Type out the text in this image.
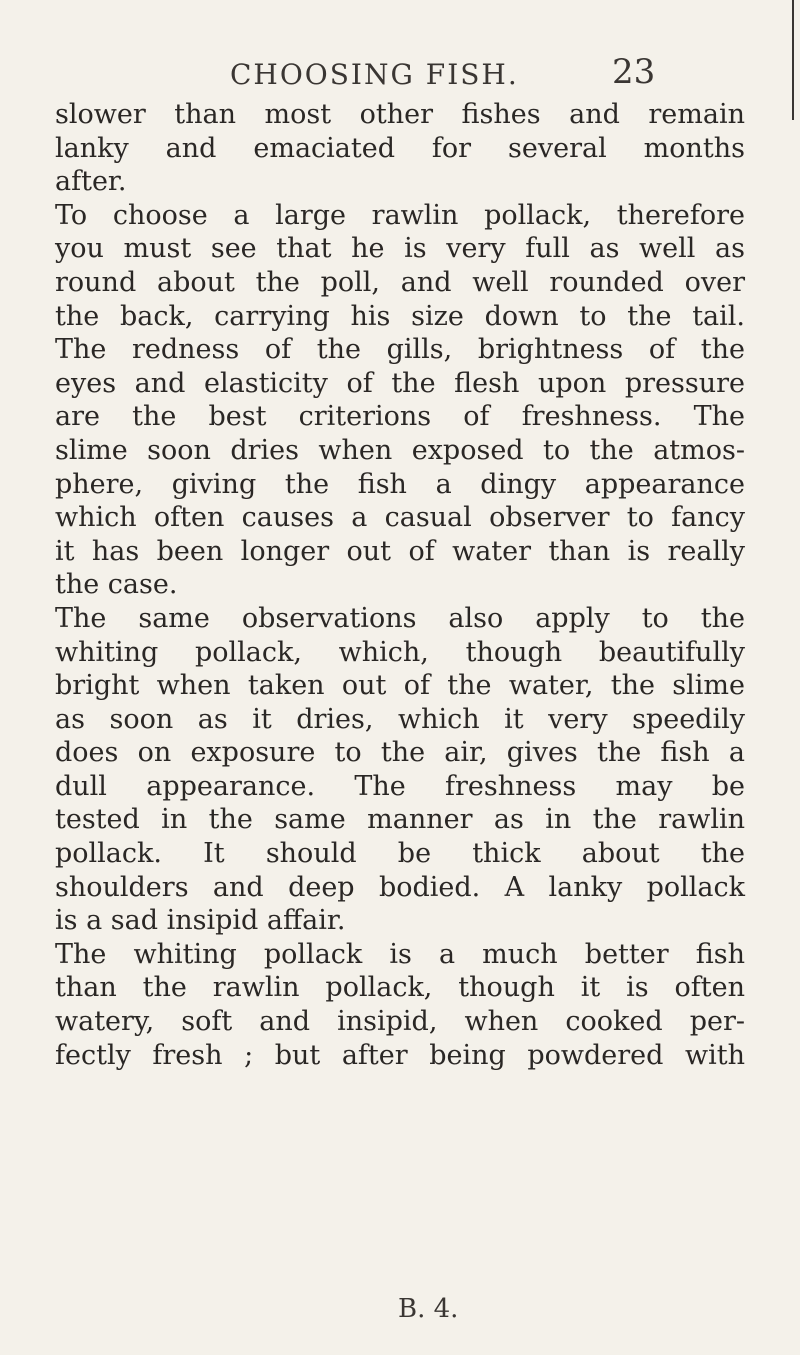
CHOOSING FISH.	23
slower than most other fishes and remain
lanky and emaciated for several months
after.
To choose a large rawlin pollack, therefore
you must see that he is very full as well as
round about the poll, and well rounded over
the back, carrying his size down to the tail.
The redness of the gills, brightness of the
eyes and elasticity of the flesh upon pressure
are the best criterions of freshness. The
slime soon dries when exposed to the atmos-
phere, giving the fish a dingy appearance
which often causes a casual observer to fancy
it has been longer out of water than is really
the case.
The same observations also apply to the
whiting pollack, which, though beautifully
bright when taken out of the water, the slime
as soon as it dries, which it very speedily
does on exposure to the air, gives the fish a
dull appearance. The freshness may be
tested in the same manner as in the rawlin
pollack. It should be thick about the
shoulders and deep bodied. A lanky pollack
is a sad insipid affair.
The whiting pollack is a much better fish
than the rawlin pollack, though it is often
watery, soft and insipid, when cooked per-
fectly fresh ; but after being powdered with
B. 4.
